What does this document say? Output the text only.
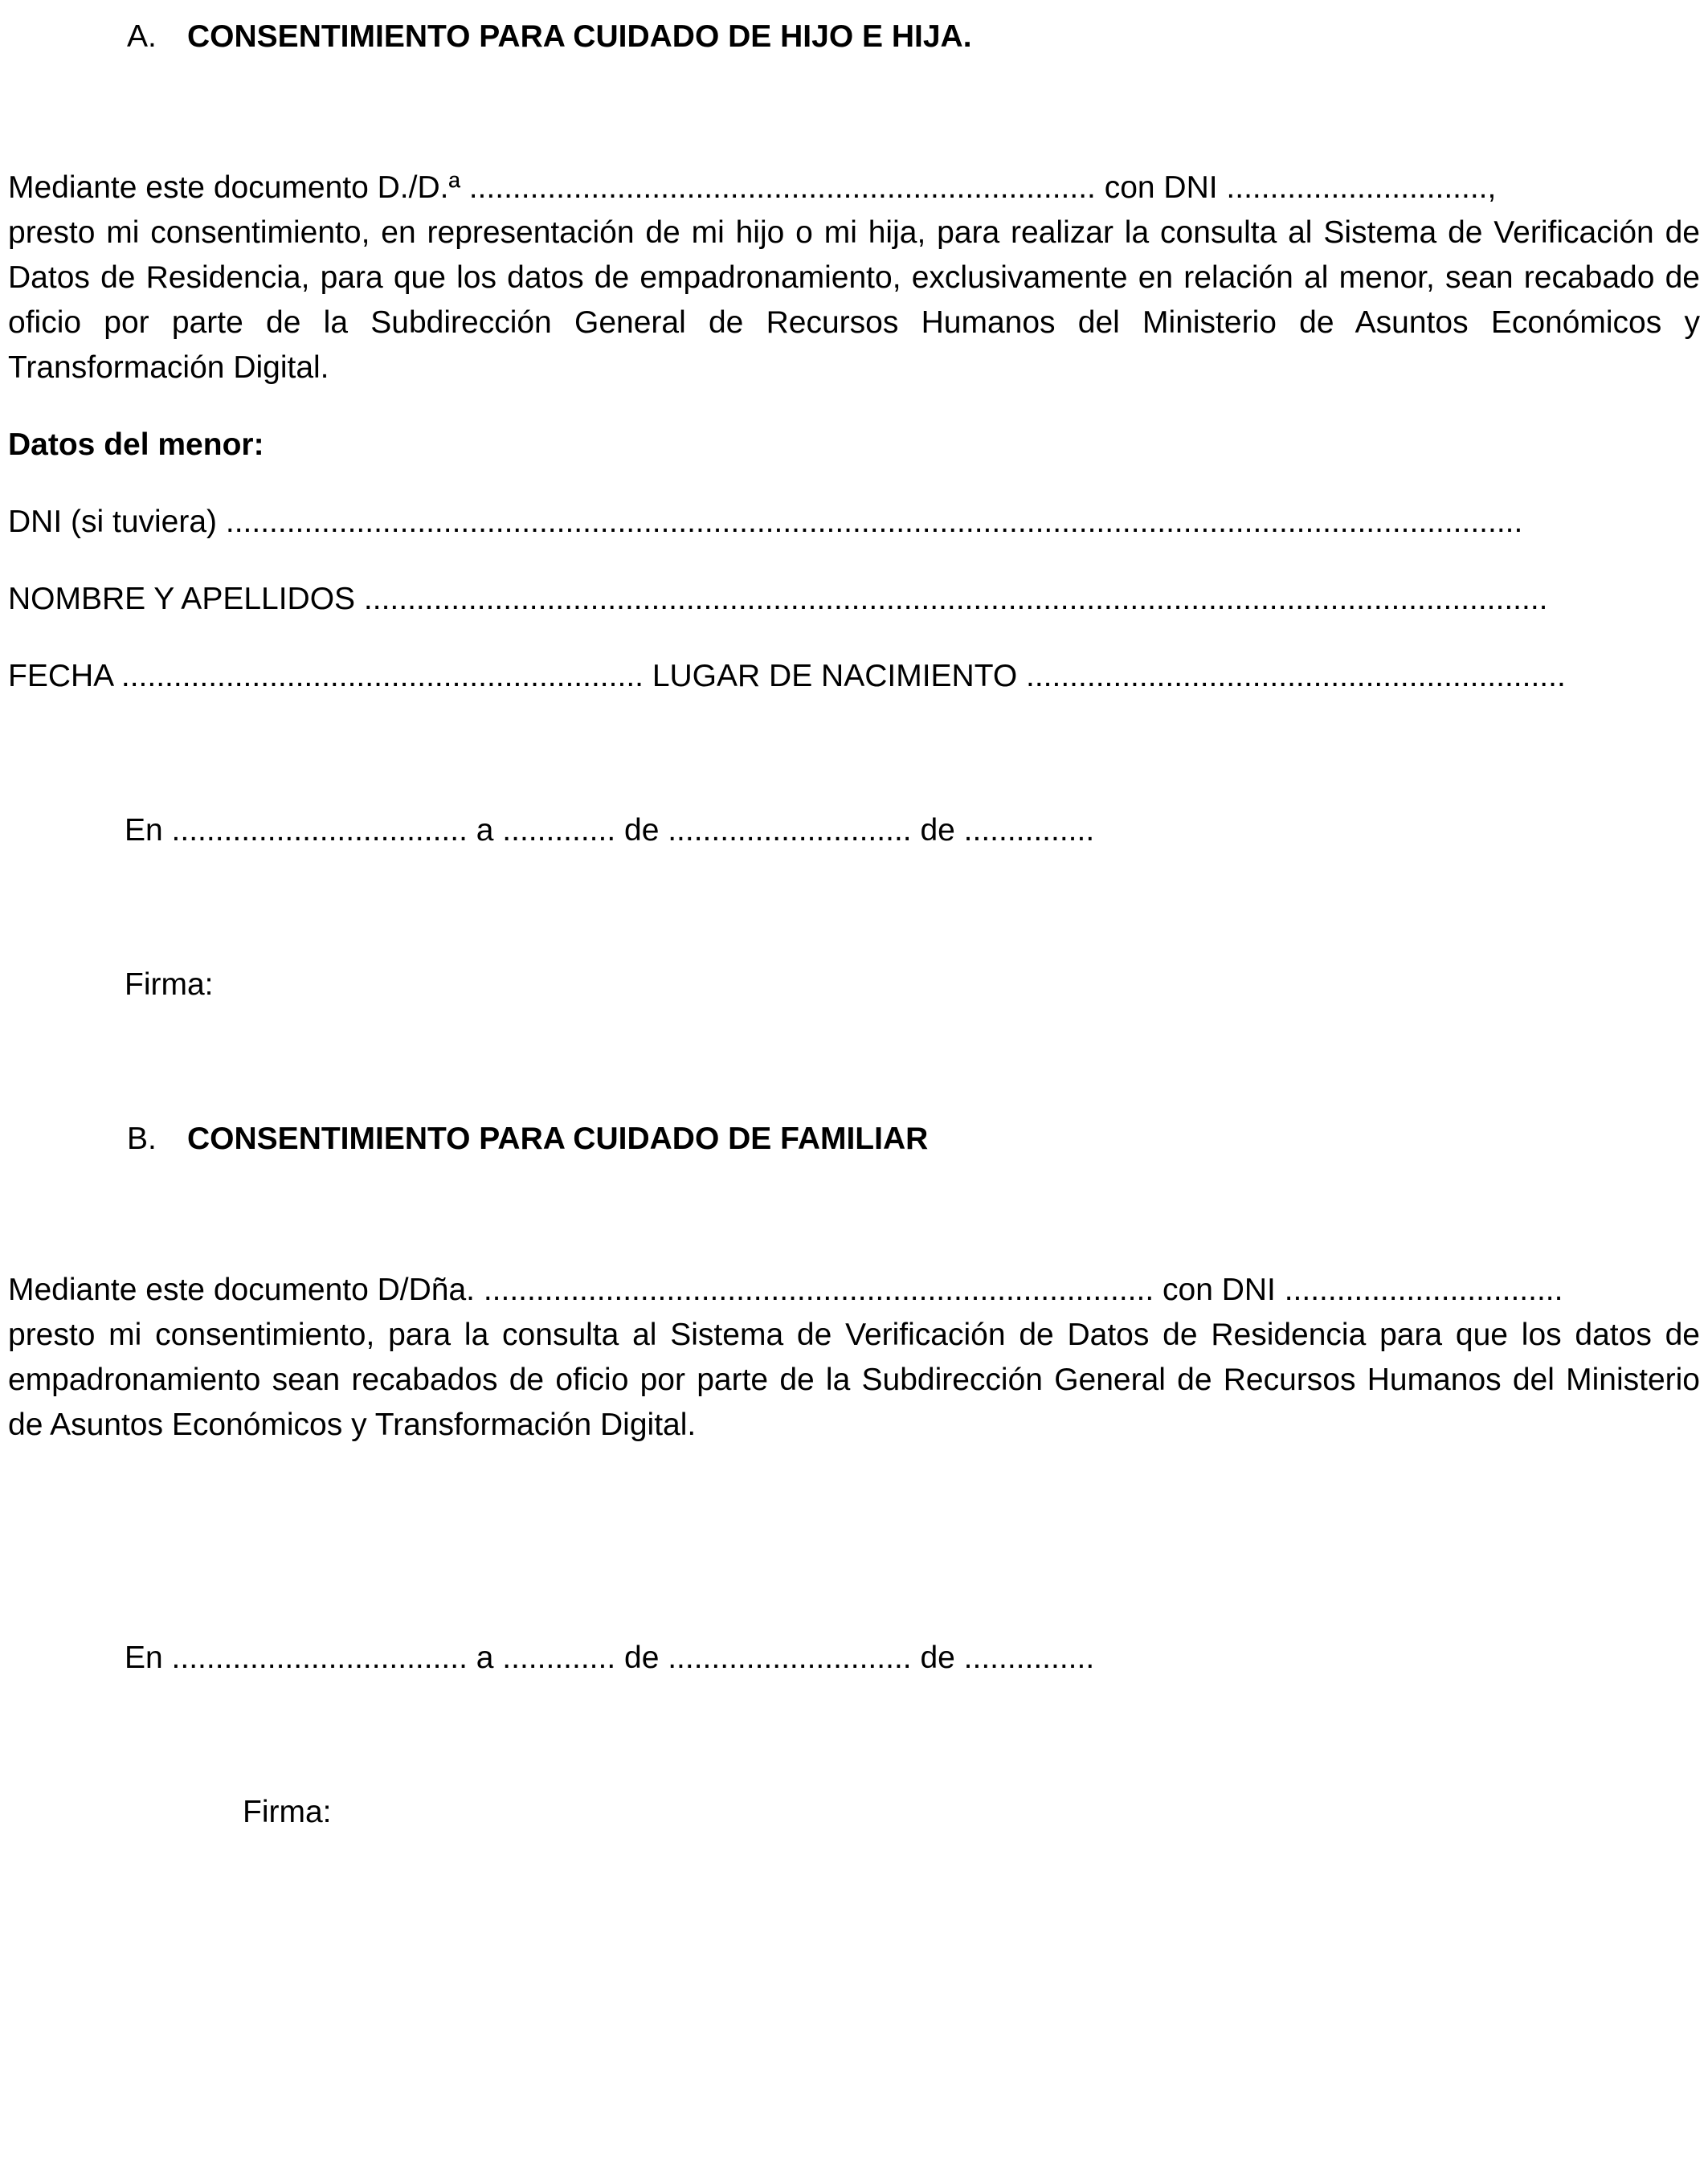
A. CONSENTIMIENTO PARA CUIDADO DE HIJO E HIJA.
Mediante este documento D./D.ª ........................................................................ con DNI ..............................,
presto mi consentimiento, en representación de mi hijo o mi hija, para realizar la consulta al Sistema de Verificación de Datos de Residencia, para que los datos de empadronamiento, exclusivamente en relación al menor, sean recabado de oficio por parte de la Subdirección General de Recursos Humanos del Ministerio de Asuntos Económicos y Transformación Digital.
Datos del menor:
DNI (si tuviera) .....................................................................................................................................................
NOMBRE Y APELLIDOS ........................................................................................................................................
FECHA ............................................................ LUGAR DE NACIMIENTO ..............................................................
En .................................. a ............. de ............................ de ...............
Firma:
B. CONSENTIMIENTO PARA CUIDADO DE FAMILIAR
Mediante este documento D/Dña. ............................................................................. con DNI ................................
presto mi consentimiento, para la consulta al Sistema de Verificación de Datos de Residencia para que los datos de empadronamiento sean recabados de oficio por parte de la Subdirección General de Recursos Humanos del Ministerio de Asuntos Económicos y Transformación Digital.
En .................................. a ............. de ............................ de ...............
Firma:
